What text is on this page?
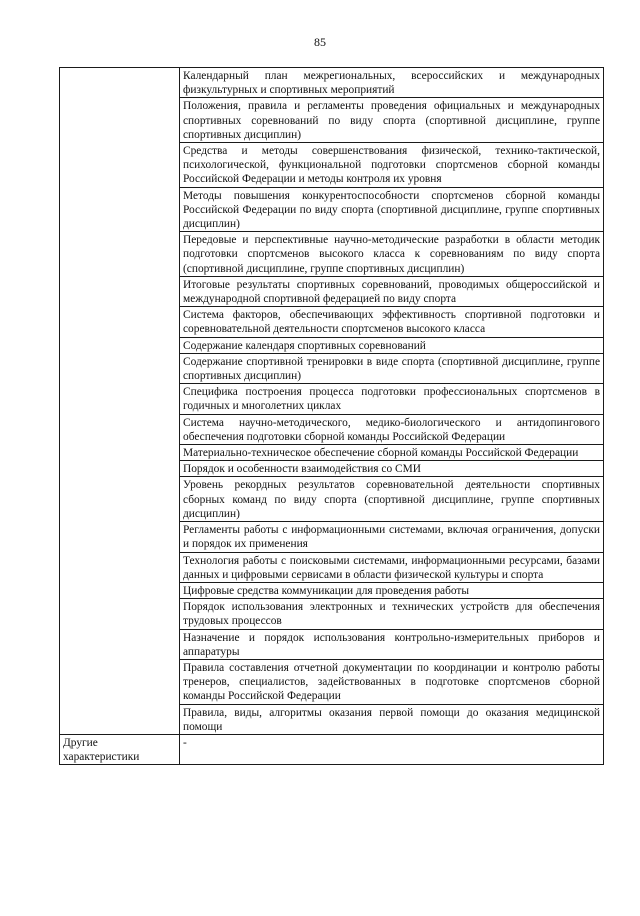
85
	Календарный план межрегиональных, всероссийских и международных физкультурных и спортивных мероприятий
	Положения, правила и регламенты проведения официальных и международных спортивных соревнований по виду спорта (спортивной дисциплине, группе спортивных дисциплин)
	Средства и методы совершенствования физической, технико-тактической, психологической, функциональной подготовки спортсменов сборной команды Российской Федерации и методы контроля их уровня
	Методы повышения конкурентоспособности спортсменов сборной команды Российской Федерации по виду спорта (спортивной дисциплине, группе спортивных дисциплин)
	Передовые и перспективные научно-методические разработки в области методик подготовки спортсменов высокого класса к соревнованиям по виду спорта (спортивной дисциплине, группе спортивных дисциплин)
	Итоговые результаты спортивных соревнований, проводимых общероссийской и международной спортивной федерацией по виду спорта
	Система факторов, обеспечивающих эффективность спортивной подготовки и соревновательной деятельности спортсменов высокого класса
	Содержание календаря спортивных соревнований
	Содержание спортивной тренировки в виде спорта (спортивной дисциплине, группе спортивных дисциплин)
	Специфика построения процесса подготовки профессиональных спортсменов в годичных и многолетних циклах
	Система научно-методического, медико-биологического и антидопингового обеспечения подготовки сборной команды Российской Федерации
	Материально-техническое обеспечение сборной команды Российской Федерации
	Порядок и особенности взаимодействия со СМИ
	Уровень рекордных результатов соревновательной деятельности спортивных сборных команд по виду спорта (спортивной дисциплине, группе спортивных дисциплин)
	Регламенты работы с информационными системами, включая ограничения, допуски и порядок их применения
	Технология работы с поисковыми системами, информационными ресурсами, базами данных и цифровыми сервисами в области физической культуры и спорта
	Цифровые средства коммуникации для проведения работы
	Порядок использования электронных и технических устройств для обеспечения трудовых процессов
	Назначение и порядок использования контрольно-измерительных приборов и аппаратуры
	Правила составления отчетной документации по координации и контролю работы тренеров, специалистов, задействованных в подготовке спортсменов сборной команды Российской Федерации
	Правила, виды, алгоритмы оказания первой помощи до оказания медицинской помощи
Другие характеристики	-
